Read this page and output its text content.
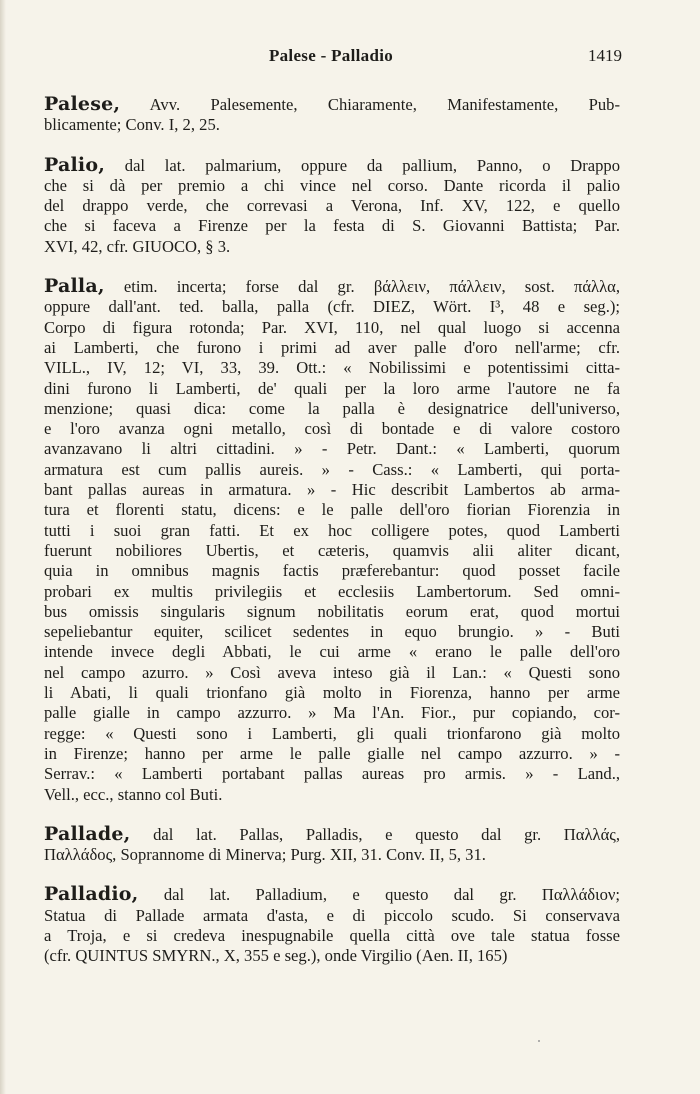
Palese - Palladio	1419
Palese, Avv. Palesemente, Chiaramente, Manifestamente, Pub-
blicamente; Conv. I, 2, 25.
Palio, dal lat. palmarium, oppure da pallium, Panno, o Drappo
che si dà per premio a chi vince nel corso. Dante ricorda il palio
del drappo verde, che correvasi a Verona, Inf. XV, 122, e quello
che si faceva a Firenze per la festa di S. Giovanni Battista; Par.
XVI, 42, cfr. GIUOCO, § 3.
Palla, etim. incerta; forse dal gr. βάλλειν, πάλλειν, sost. πάλλα,
oppure dall'ant. ted. balla, palla (cfr. DIEZ, Wört. I³, 48 e seg.);
Corpo di figura rotonda; Par. XVI, 110, nel qual luogo si accenna
ai Lamberti, che furono i primi ad aver palle d'oro nell'arme; cfr.
VILL., IV, 12; VI, 33, 39. Ott.: « Nobilissimi e potentissimi citta-
dini furono li Lamberti, de' quali per la loro arme l'autore ne fa
menzione; quasi dica: come la palla è designatrice dell'universo,
e l'oro avanza ogni metallo, così di bontade e di valore costoro
avanzavano li altri cittadini. » - Petr. Dant.: « Lamberti, quorum
armatura est cum pallis aureis. » - Cass.: « Lamberti, qui porta-
bant pallas aureas in armatura. » - Hic describit Lambertos ab arma-
tura et florenti statu, dicens: e le palle dell'oro fiorian Fiorenzia in
tutti i suoi gran fatti. Et ex hoc colligere potes, quod Lamberti
fuerunt nobiliores Ubertis, et cæteris, quamvis alii aliter dicant,
quia in omnibus magnis factis præferebantur: quod posset facile
probari ex multis privilegiis et ecclesiis Lambertorum. Sed omni-
bus omissis singularis signum nobilitatis eorum erat, quod mortui
sepeliebantur equiter, scilicet sedentes in equo brungio. » - Buti
intende invece degli Abbati, le cui arme « erano le palle dell'oro
nel campo azurro. » Così aveva inteso già il Lan.: « Questi sono
li Abati, li quali trionfano già molto in Fiorenza, hanno per arme
palle gialle in campo azzurro. » Ma l'An. Fior., pur copiando, cor-
regge: « Questi sono i Lamberti, gli quali trionfarono già molto
in Firenze; hanno per arme le palle gialle nel campo azzurro. » -
Serrav.: « Lamberti portabant pallas aureas pro armis. » - Land.,
Vell., ecc., stanno col Buti.
Pallade, dal lat. Pallas, Palladis, e questo dal gr. Παλλάς,
Παλλάδος, Soprannome di Minerva; Purg. XII, 31. Conv. II, 5, 31.
Palladio, dal lat. Palladium, e questo dal gr. Παλλάδιον;
Statua di Pallade armata d'asta, e di piccolo scudo. Si conservava
a Troja, e si credeva inespugnabile quella città ove tale statua fosse
(cfr. QUINTUS SMYRN., X, 355 e seg.), onde Virgilio (Aen. II, 165)
